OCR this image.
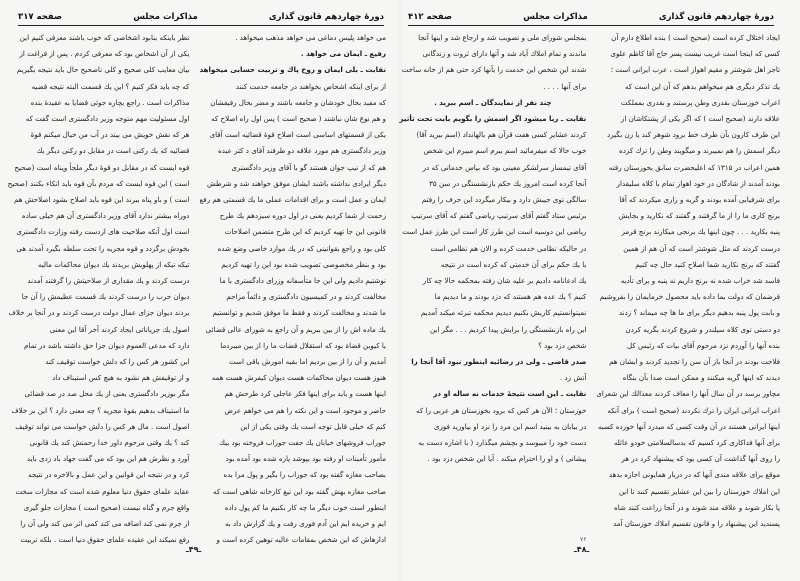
دورهٔ چهاردهم قانون گذاری
مذاکرات مجلس
صفحه ۳۱۷
می خواهد پلیس دماغی می خواهد مذهب میخواهد .
رفیع ـ ایمان می خواهد .
نقابت ـ بلی ایمان و روح پاك و تربیت حسابی میخواهد
از برای اینکه اشخاص بخواهند در جامعه خدمت کنند
که مفید بحال خودشان و جامعه باشند و مضر بحال رفیقشان
و هم نوع شان نباشند ( صحیح است ) پس اول راه اصلاح که
یکی از قسمتهای اساسی است اصلاح قوهٔ قضائیه است آقای
وزیر دادگستری هم مورد علاقه دو طرفند آقای د کتر عبده
هم که از تیپ جوان هستند گو با آقای وزیر دادگستری
دیگر ایرادی نداشته باشند ایشان موفق خواهند شد و شرطش
ایمان و عمل است و برای اقدامات عملی ما یك قسمتی هم رفع
زحمت از شما کردیم یعنی در اول دوره سیزدهم یك طرح
قانونی این جا تهیه کردیم که این طرح متضمن اصلاحات
کلی بود و راجع بقوانینی که در یك موارد خاصی وضع شده
بود و بنظر مخصوصی تصویب شده بود این را تهیه کردیم
نوشتیم دادیم ولی این جا متأسفانه وزرای دادگستری با ما
مخالفت کردند و در کمیسیون دادگستری و دائماً مزاحم
ما شدند و مخالفت کردند و فقط ما موفق شدیم و توانستیم
یك ماده اش را از بین ببریم و آن راجع به شورای عالی قضائی
یا کیوبن قضاة بود که استقلال قضات ما را از بین میبردما
آمدیم و آن را از بین بردیم اما بقیه امورش باقی است
هنوز هست دیوان محاکمات هست دیوان کیفرش هست همه
اینها هست و باید برای اینها فکر عاجلی کرد طرحش هم
حاضر و موجود است و این نکته را هم می خواهم عرض
کنم که خیلی قابل توجه است یك وقتی یکی از این
جوراب فروشهای خیابان یك جفت جوراب فروخته بود بیك
مأمور تأمینات او رفته بود بپوشد پاره شده بود آمده بود
بصاحب مغازه گفته بود که جوراب را بگیر و پول مرا بده
صاحب مغازه بهش گفته بود این تیغ کارخانه شاهی است که
اینطور است خوب دیگر ما چه کار بکنیم ما کم پول داده
ایم و خریده ایم این آدم فوری رفت و یك گزارش داد به
ادارهاش که این شخص بمقامات عالیه توهین کرده است و
نظر باینکه بنابود اشخاصی که خوب باشند معرفی کنیم این
یکی از آن اشخاص بود که معرفی کردم . پس از فراغت از
بیان معایب کلی صحیح و کلی ناصحیح حال باید نتیجه بگیریم
که چه باید فکر کنیم ؟ این یك قسمت البته نتیجه قضیه
مذاکرات است . راجع بچاره جوئی قضایا به عقیدهٔ بنده
اول مسئولیت مهم متوجه وزیر دادگستری است گفت که
هر که نقش خویش می بیند در آب من خیال میکنم قوهٔ
قضائیه که یك رکنی است در مقابل دو رکنی دیگر یك
قوه ایست که در مقابل دو قوهٔ دیگر ملجأ وپناه است (صحیح
است ) این قوه ایست که مردم بآن قوه باید اتکاء بکنند (صحیح
است ) و باو پناه ببرند این قوه باید اصلاح بشود اصلاحش هم
دوراه بیشتر ندارد آقای وزیر دادگستری آن هم خیلی ساده
است اول آنکه صلاحیت های ازدست رفته وزارت دادگستری
بخودش برگردد و قوه مجریه را تحت سلطه بگیرد آمدند هی
تیکه تیکه از پهلویش بریدند یك دیوان محاکمات مالیه
درست کردند و یك مقداری از صلاحیتش را گرفتند آمدند
دیوان حرب را درست کردند یك قسمت عظیمش را آن جا
بردند دیوان جزای عمال دولت درست کردند و در آنجا بر خلاف
اصول یك جریاناتی ایجاد کردند آخر آقا این معنی
دارد که مدعی العموم دیوان جزا حق داشته باشد در تمام
این کشور هر کس را که دلش خواست توقیف کند
و از توقیفش هم نشود به هیچ کس استیناف داد
مگر بوزیر دادگستری یعنی از یك محل صد در صد قضائی
ما استیناف بدهیم بقوهٔ مجریه ؟ چه معنی دارد ؟ این بر خلاف
اصول است . مال هر کس را دلش خواست می تواند توقیف
کند ؟ یك وقتی مرحوم داور خدا رحمتش کند یك قانونی
آورد و نظرش هم این بود که می گفت جهاد باد زدی باید
کرد و در نتیجه این قوانین و این عمل و بالاخره در نتیجه
عقاید علمای حقوق دنیا معلوم شده است که مجازات سخت
واقع جرم و گناه نیست (صحیح است ) مجازات جلو گیری
از جرم نمی کند اضافه می کند کمی اثر می کند ولی آن را
رفع نمیکند این عقیده علمای حقوق دنیا است . بلکه تربیت
ـ۴۹ـ
دورهٔ چهاردهم قانون گذاری
مذاکرات مجلس
صفحه ۴۱۲
ایجاد اختلال کرده است (صحیح است ) بنده اطلاع دارم آن
کسی که اینجا است غریب نیست پسر حاج آقا کاظم علوی
تاجر اهل شوشتر و مقیم اهواز است ، عرب ایرانی است ؛
یك تذکر دیگری هم میخواهم بدهم که آن این است که
اعراب خوزستان بقدری وطن پرستند و بقدری بمملکت
علاقه دارند (صحیح است ) که اگر یکی از پشتکاشان از
این طرف کارون بآن طرف خط برود شوهر کند یا زن بگیرد
دیگر اسمش را هم نمیبرند و میگویند وطن را ترك کرده
همین اعراب در ۱۳۱۵ که اعلیحضرت سابق بخوزستان رفته
بودند آمدند از شادگان در خود اهواز تمام با کلاه سلیقدار
برای شرفیابی آمده بودند و گریه و زاری میکردند که آقا
برنج کاری ما را از ما گرفتند و گفتند که نکارید و بجایش
پنبه بکارید . . . چون اینها یك برنجی میکارند برنج قرمز
درست کردند که مثل شوشتر است که آن هم از همین
گفتند که برنج نکارید شما اصلاح کنید حال چه کنیم
فاسد شد خراب شده نه برنج داریم نه پنبه و برای تأدیه
قرضمان که دولت بما داده باید محصول خرمایمان را بفروشیم
و بابت پول پنبه بدهیم دیگر برای ما ها چه میماند ؟ زدند
دو دستی توی کلاه سیلندر و شروع کردند بگریه کردن
بنده آنها را آوردم نزد مرحوم آقای بیات که رئیس کل
فلاحت بودند در آنجا باز آن سن را تجدید کردند و ایشان هم
دیدند که اینها گریه میکنند و ممکن است صدا بآن بنگاه
مجاور برسد در آن سال آنها را معاف کردند معذالك این شعرای
اعراب ایرانی ایران را ترك نکردند (صحیح است ) برای آنکه
اینها ایرانی هستند در آن وقت کسی که میدرد آنها خورده کسبه
برای آنها فداکاری کرد کسیم که بدسالسلامتی خودو عائله
را روی آنها گذاشت آن کسی بود که پیشنهاد کرد در هر
موقع برای علاقه مندی آنها که در دربار همایونی اجازه بدهد
این املاك خوزستان را بین این عشایر تقسیم کنند تا این
پا بکار شوند و علاقه مند شوند و در آنجا زراعت کنند شاه
پسندید این پیشنهاد را و قانون تقسیم املاك خوزستان آمد
بمجلس شورای ملی و تصویب شد و ارجاع شد و اینها آنجا
ماندند و تمام املاك آباد شد و آنها دارای ثروت و زندگانی
شدند این شخص این خدمت را بآنها کرد حتی هم از خانه ساخت
برای آنها . . . .
چند نفر از نمایندگان ـ اسم ببرید .
نقابت ـ ربا میشود اگر اسمش را بگویم بابت تحت تأثیر
کردند عشایر کسی هفت قرآن هم بالهانداد (اسم ببرید آقا)
خوب حالا که میفرمائید اسم ببرم اسم میبرم این شخص
آقای تیمسار سرلشکر معینی بود که بپاس خدماتی که در
آنجا کرده است امروز یك حکم بازنشستگی در سن ۳۵
سالگی توی جیبش دارد و بیکار میگردد این حرف را رفتم
برئیس ستاد گفتم آقای سرتیپ ریاضی گفتم که آقای سرتیپ
ریاضی این دوسیه است این طرز کار است این طرز عمل است
در حالیکه نظامی خدمت کرده و الان هم نظامی است
با یك حکم برای آن خدمتی که کرده است در نتیجه
یك ادعانامه دادیم بر علیه شان رفته بمحکمه حالا چه کار
کنیم ؟ یك عده هم هستند که دزد بودند و ما دیدیم ما
نمیتوانستیم کاریش بکنیم دیدیم محکمه تبرئه میکند آمدیم
این راه بازنشستگی را برایش پیدا کردیم . . . مگر این
شخص دزد بود ؟
صدر قاضی ـ ولی در رضائیه اینطور نبود آقا آنجا را
آتش زد .
نقابت ـ این است نتیجهٔ خدمات نه ساله او در
خوزستان ؛ الآن هر کس که برود بخوزستان هر عربی را که
در بیابان به بینید اسم این مرد را نزد او بیاورید فوری
دست خود را میبوسد و بچشم میگذارد ( با اشاره دست به
پیشانی ) و او را احترام میکند . آیا این شخص دزد بود .
۷۶
ـ۴۸ـ
